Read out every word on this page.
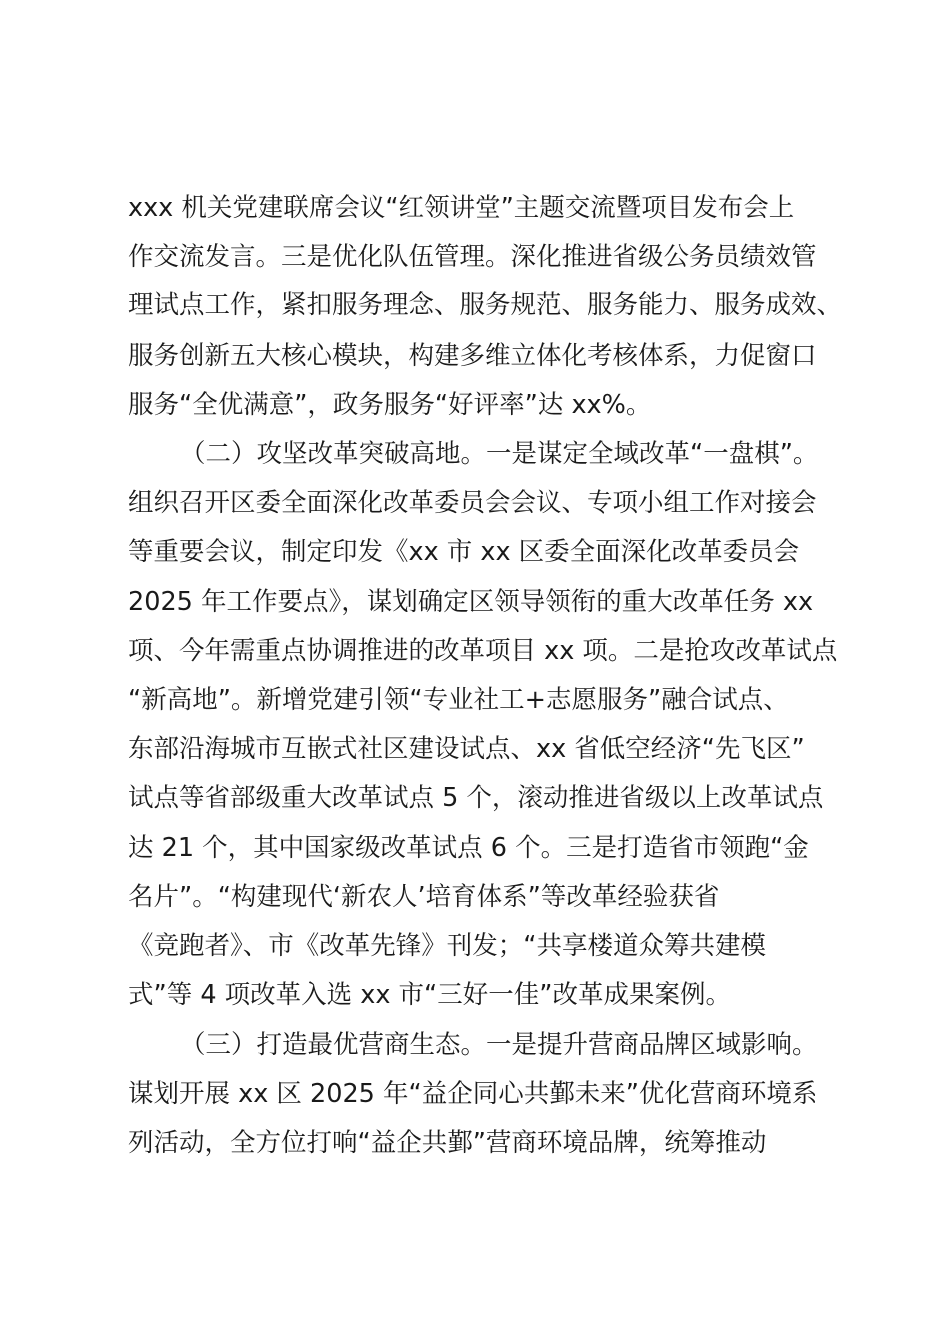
xxx 机关党建联席会议“红领讲堂”主题交流暨项目发布会上
作交流发言。三是优化队伍管理。深化推进省级公务员绩效管
理试点工作，紧扣服务理念、服务规范、服务能力、服务成效、
服务创新五大核心模块，构建多维立体化考核体系，力促窗口
服务“全优满意”，政务服务“好评率”达 xx%。
（二）攻坚改革突破高地。一是谋定全域改革“一盘棋”。
组织召开区委全面深化改革委员会会议、专项小组工作对接会
等重要会议，制定印发《xx 市 xx 区委全面深化改革委员会
2025 年工作要点》，谋划确定区领导领衔的重大改革任务 xx
项、今年需重点协调推进的改革项目 xx 项。二是抢攻改革试点
“新高地”。新增党建引领“专业社工+志愿服务”融合试点、
东部沿海城市互嵌式社区建设试点、xx 省低空经济“先飞区”
试点等省部级重大改革试点 5 个，滚动推进省级以上改革试点
达 21 个，其中国家级改革试点 6 个。三是打造省市领跑“金
名片”。“构建现代‘新农人’培育体系”等改革经验获省
《竞跑者》、市《改革先锋》刊发；“共享楼道众筹共建模
式”等 4 项改革入选 xx 市“三好一佳”改革成果案例。
（三）打造最优营商生态。一是提升营商品牌区域影响。
谋划开展 xx 区 2025 年“益企同心共鄞未来”优化营商环境系
列活动，全方位打响“益企共鄞”营商环境品牌，统筹推动
